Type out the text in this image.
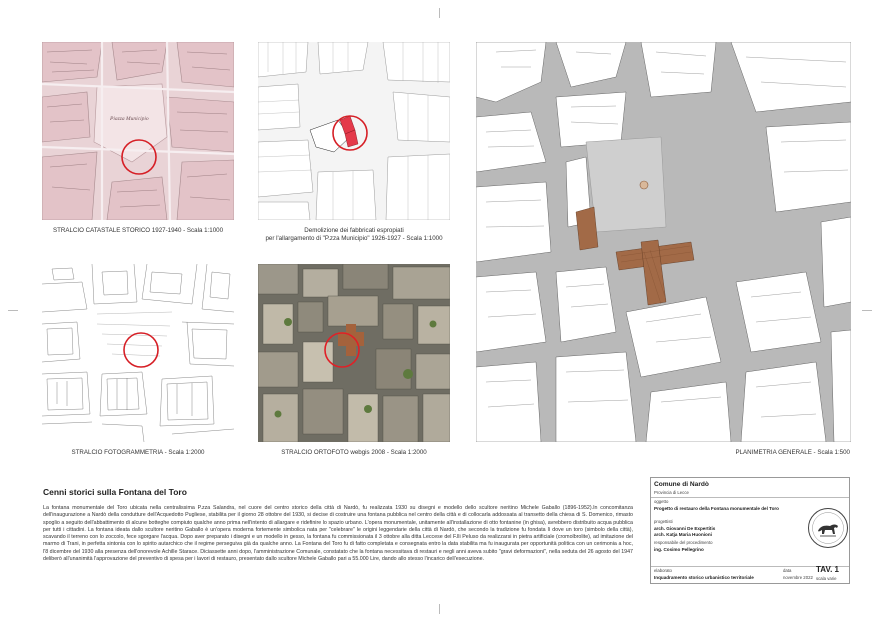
Piazza Municipio
STRALCIO CATASTALE STORICO 1927-1940 - Scala 1:1000	Demolizione dei fabbricati espropiati
per l'allargamento di "P.zza Municipio" 1926-1927 - Scala 1:1000
STRALCIO FOTOGRAMMETRIA - Scala 1:2000	STRALCIO ORTOFOTO webgis 2008 - Scala 1:2000	PLANIMETRIA GENERALE - Scala 1:500
Cenni storici sulla Fontana del Toro
La fontana monumentale del Toro ubicata nella centralissima P.zza Salandra, nel cuore del centro storico della città di Nardò, fu realizzata 1930 su disegni e modello dello scultore neritino Michele Gaballo (1896-1952).In concomitanza dell'inaugurazione a Nardò della condutture dell'Acquedotto Pugliese, stabilita per il giorno 28 ottobre del 1930, si decise di costruire una fontana pubblica nel centro della città e di collocarla addossata al transetto della chiesa di S. Domenico, rimasto spoglio a seguito dell'abbattimento di alcune botteghe compiuto qualche anno prima nell'intento di allargare e ridefinire lo spazio urbano. L'opera monumentale, unitamente all'installazione di otto fontanine (in ghisa), avrebbero distribuito acqua pubblica per tutti i cittadini. La fontana ideata dallo scultore neritino Gaballo è un'opera moderna fortemente simbolica nata per "celebrare" le origini leggendarie della città di Nardò, che secondo la tradizione fu fondata lì dove un toro (simbolo della città), scavando il terreno con lo zoccolo, fece sgorgare l'acqua. Dopo aver preparato i disegni e un modello in gesso, la fontana fu commissionata il 3 ottobre alla ditta Leccese del F.lli Peluso da realizzarsi in pietra artificiale (cromolbrolite), ad imitazione del marmo di Trani, in perfetta sintonia con lo spirito autarchico che il regime perseguiva già da qualche anno. La Fontana del Toro fu di fatto completata e consegnata entro la data stabilita ma fu inaugurata per opportunità politica con un cerimonia a hoc, l'8 dicembre del 1930 alla presenza dell'onorevole Achille Starace. Diciassette anni dopo, l'amministrazione Comunale, constatato che la fontana necessitava di restauri e negli anni aveva subito "gravi deformazioni", nella seduta del 26 agosto del 1947 deliberò all'unanimità l'approvazione del preventivo di spesa per i lavori di restauro, presentato dallo scultore Michele Gaballo pari a 55.000 Lire, dando allo stesso l'incarico dell'esecuzione.
Comune di Nardò
Provincia di Lecce
oggetto
Progetto di restauro della Fontana monumentale del Toro
progettisti
arch. Giovanni De Expertitis
arch. Katja Maria Huonioni
responsabile del procedimento
ing. Cosimo Pellegrino
elaborato
Inquadramento storico urbanistico territoriale
data
novembre 2022
TAV. 1
scala varie
